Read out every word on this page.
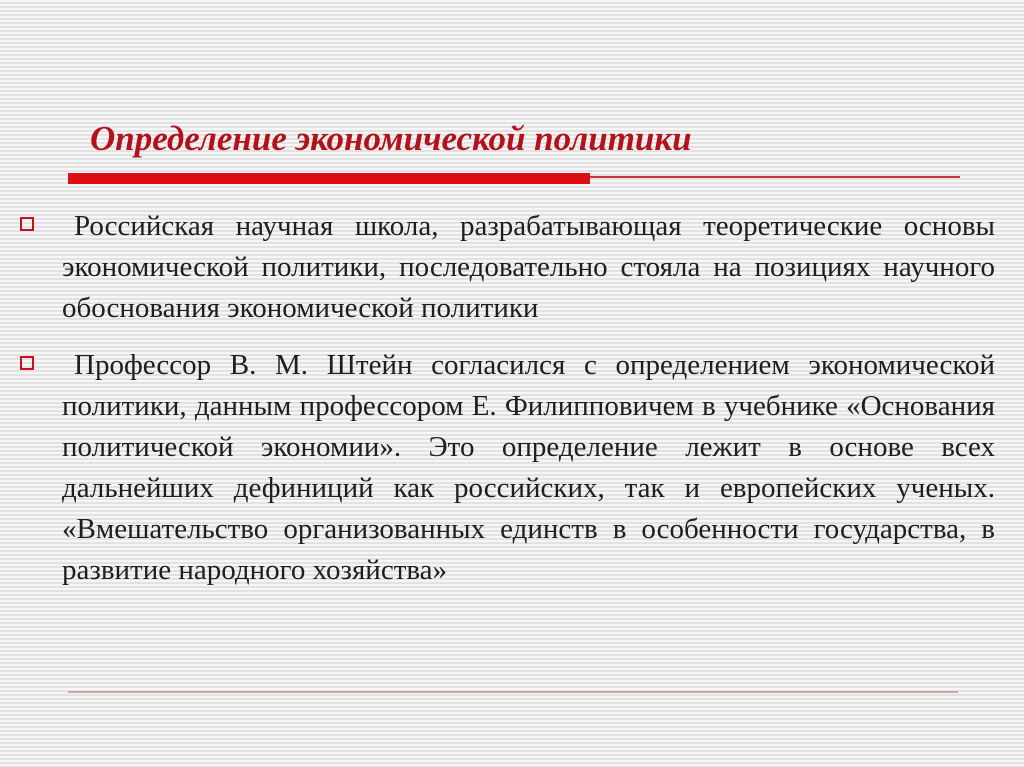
Определение экономической политики
Российская научная школа, разрабатывающая теоретические основы экономической политики, последовательно стояла на позициях научного обоснования экономической политики
Профессор В. М. Штейн согласился с определением экономической политики, данным профессором Е. Филипповичем в учебнике «Основания политической экономии». Это определение лежит в основе всех дальнейших дефиниций как российских, так и европейских ученых. «Вмешательство организованных единств в особенности государства, в развитие народного хозяйства»
